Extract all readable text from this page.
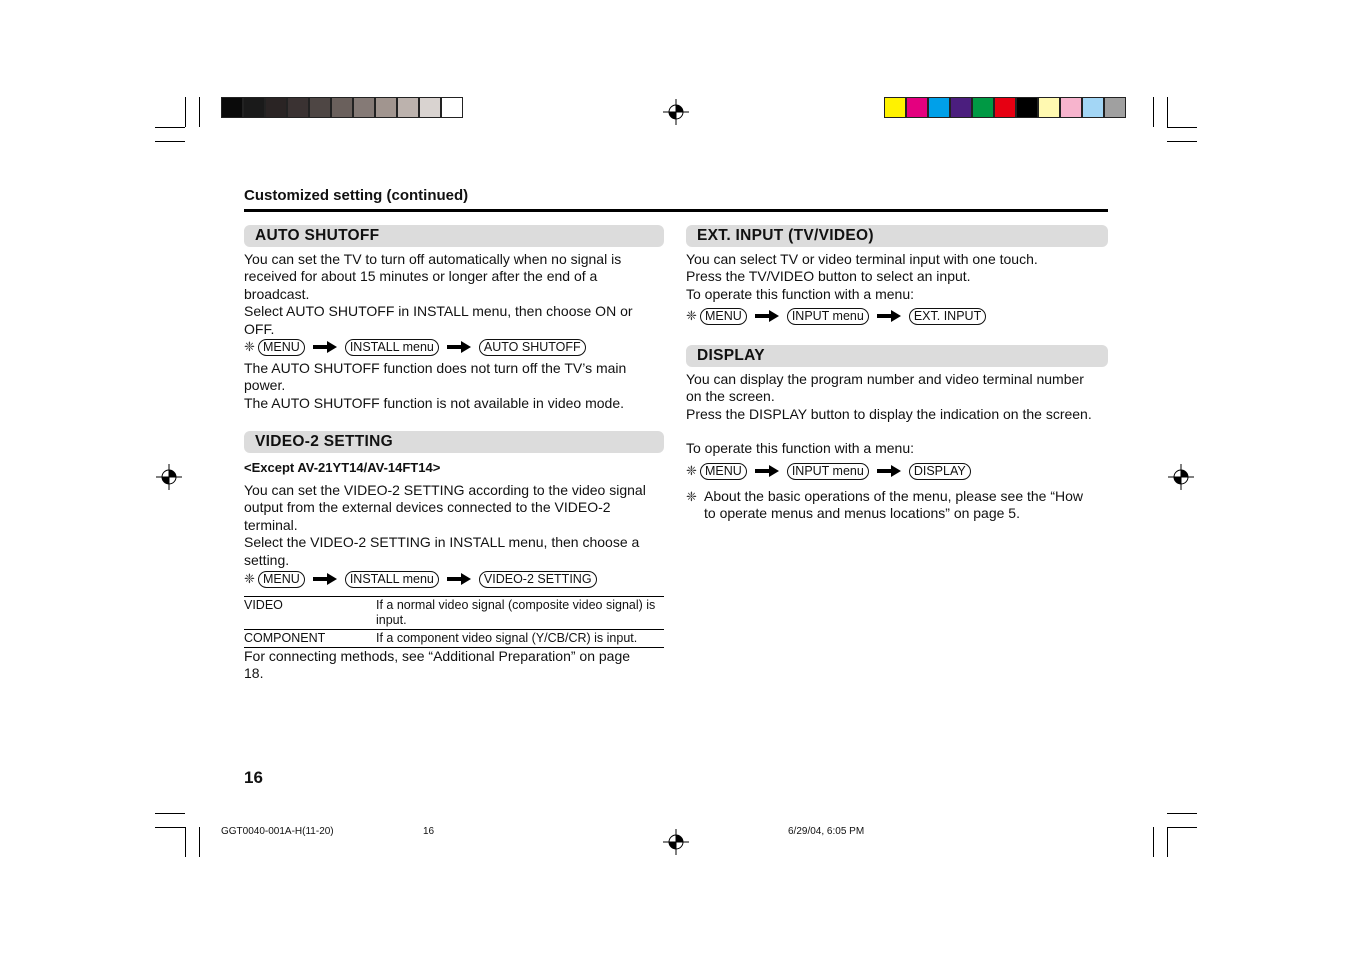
Customized setting (continued)
AUTO SHUTOFF

You can set the TV to turn off automatically when no signal is

received for about 15 minutes or longer after the end of a

broadcast.

Select AUTO SHUTOFF in INSTALL menu, then choose ON or

OFF.

❈ MENU	INSTALL menu	AUTO SHUTOFF

The AUTO SHUTOFF function does not turn off the TV’s main

power.

The AUTO SHUTOFF function is not available in video mode.

VIDEO-2 SETTING
<Except AV-21YT14/AV-14FT14>

You can set the VIDEO-2 SETTING according to the video signal

output from the external devices connected to the VIDEO-2

terminal.

Select the VIDEO-2 SETTING in INSTALL menu, then choose a

setting.

❈ MENU	INSTALL menu	VIDEO-2 SETTING
VIDEO	If a normal video signal (composite video signal) is input.
COMPONENT	If a component video signal (Y/CB/CR) is input.

For connecting methods, see “Additional Preparation” on page

18.

EXT. INPUT (TV/VIDEO)

You can select TV or video terminal input with one touch.

Press the TV/VIDEO button to select an input.

To operate this function with a menu:

❈ MENU	INPUT menu	EXT. INPUT
DISPLAY

You can display the program number and video terminal number

on the screen.

Press the DISPLAY button to display the indication on the screen.

To operate this function with a menu:
❈ MENU	INPUT menu	DISPLAY
❈ About the basic operations of the menu, please see the “How

to operate menus and menus locations” on page 5.

16
GGT0040-001A-H(11-20)	16	6/29/04, 6:05 PM
